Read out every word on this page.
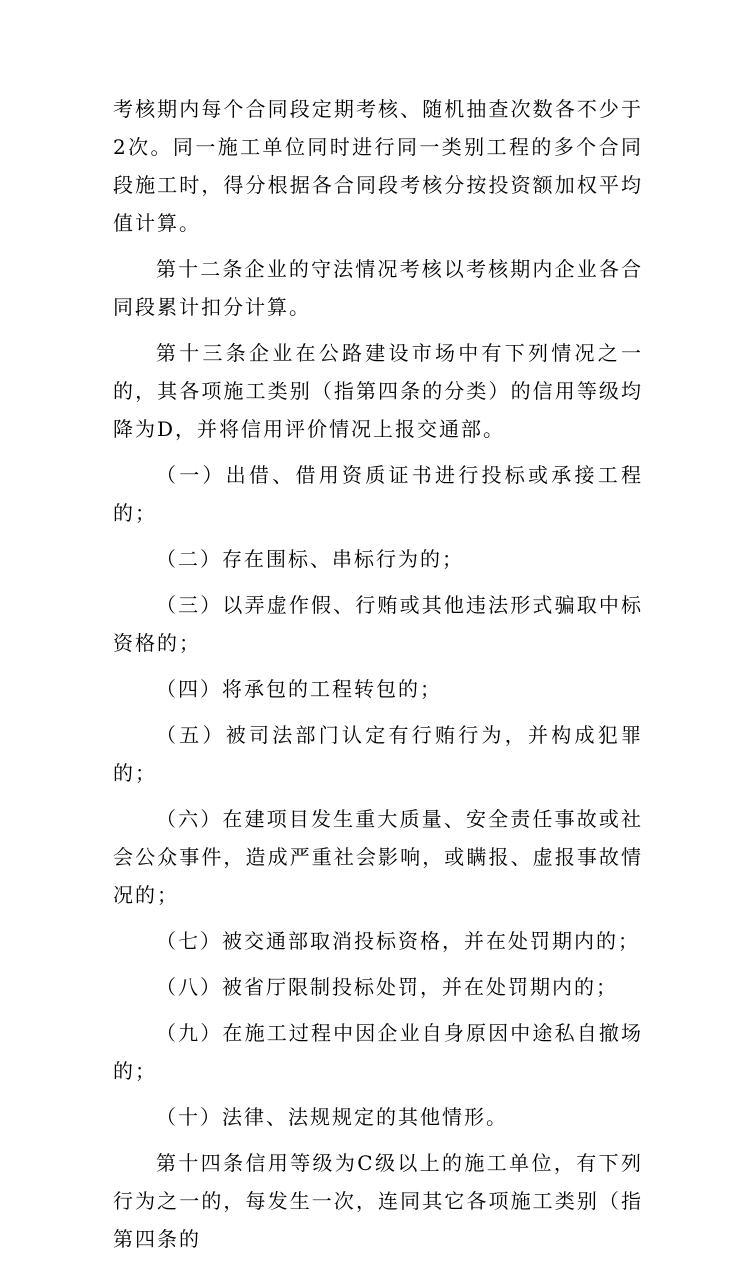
考核期内每个合同段定期考核、随机抽查次数各不少于2次。同一施工单位同时进行同一类别工程的多个合同段施工时，得分根据各合同段考核分按投资额加权平均值计算。

第十二条企业的守法情况考核以考核期内企业各合同段累计扣分计算。

第十三条企业在公路建设市场中有下列情况之一的，其各项施工类别（指第四条的分类）的信用等级均降为D，并将信用评价情况上报交通部。

（一）出借、借用资质证书进行投标或承接工程的；

（二）存在围标、串标行为的；

（三）以弄虚作假、行贿或其他违法形式骗取中标资格的；

（四）将承包的工程转包的；

（五）被司法部门认定有行贿行为，并构成犯罪的；

（六）在建项目发生重大质量、安全责任事故或社会公众事件，造成严重社会影响，或瞒报、虚报事故情况的；

（七）被交通部取消投标资格，并在处罚期内的；

（八）被省厅限制投标处罚，并在处罚期内的；

（九）在施工过程中因企业自身原因中途私自撤场的；

（十）法律、法规规定的其他情形。

第十四条信用等级为C级以上的施工单位，有下列行为之一的，每发生一次，连同其它各项施工类别（指第四条的
